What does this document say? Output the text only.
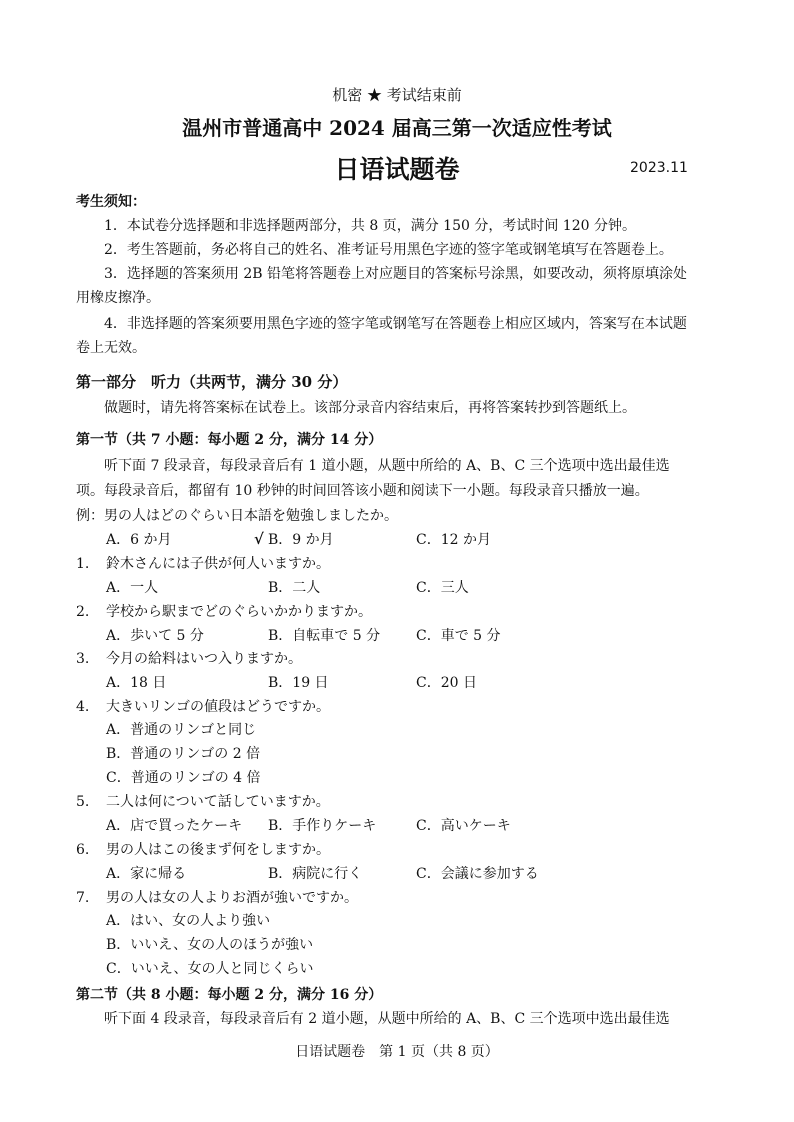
机密 ★ 考试结束前
温州市普通高中 2024 届高三第一次适应性考试
日语试题卷	2023.11
考生须知：
1．本试卷分选择题和非选择题两部分，共 8 页，满分 150 分，考试时间 120 分钟。
2．考生答题前，务必将自己的姓名、准考证号用黑色字迹的签字笔或钢笔填写在答题卷上。
3．选择题的答案须用 2B 铅笔将答题卷上对应题目的答案标号涂黑，如要改动，须将原填涂处
用橡皮擦净。
4．非选择题的答案须要用黑色字迹的签字笔或钢笔写在答题卷上相应区域内，答案写在本试题
卷上无效。
第一部分　听力（共两节，满分 30 分）
做题时，请先将答案标在试卷上。该部分录音内容结束后，再将答案转抄到答题纸上。
第一节（共 7 小题：每小题 2 分，满分 14 分）
听下面 7 段录音，每段录音后有 1 道小题，从题中所给的 A、B、C 三个选项中选出最佳选
项。每段录音后，都留有 10 秒钟的时间回答该小题和阅读下一小题。每段录音只播放一遍。
例：男の人はどのぐらい日本語を勉強しましたか。
A．6 か月	√ B．9 か月	C．12 か月
1. 鈴木さんには子供が何人いますか。
A．一人	B．二人	C．三人
2. 学校から駅までどのぐらいかかりますか。
A．歩いて 5 分	B．自転車で 5 分	C．車で 5 分
3. 今月の給料はいつ入りますか。
A．18 日	B．19 日	C．20 日
4. 大きいリンゴの値段はどうですか。
A．普通のリンゴと同じ
B．普通のリンゴの 2 倍
C．普通のリンゴの 4 倍
5. 二人は何について話していますか。
A．店で買ったケーキ B．手作りケーキ	C．高いケーキ
6. 男の人はこの後まず何をしますか。
A．家に帰る	B．病院に行く	C．会議に参加する
7. 男の人は女の人よりお酒が強いですか。
A．はい、女の人より強い
B．いいえ、女の人のほうが強い
C．いいえ、女の人と同じくらい
第二节（共 8 小题：每小题 2 分，满分 16 分）
听下面 4 段录音，每段录音后有 2 道小题，从题中所给的 A、B、C 三个选项中选出最佳选
日语试题卷　第 1 页（共 8 页）
